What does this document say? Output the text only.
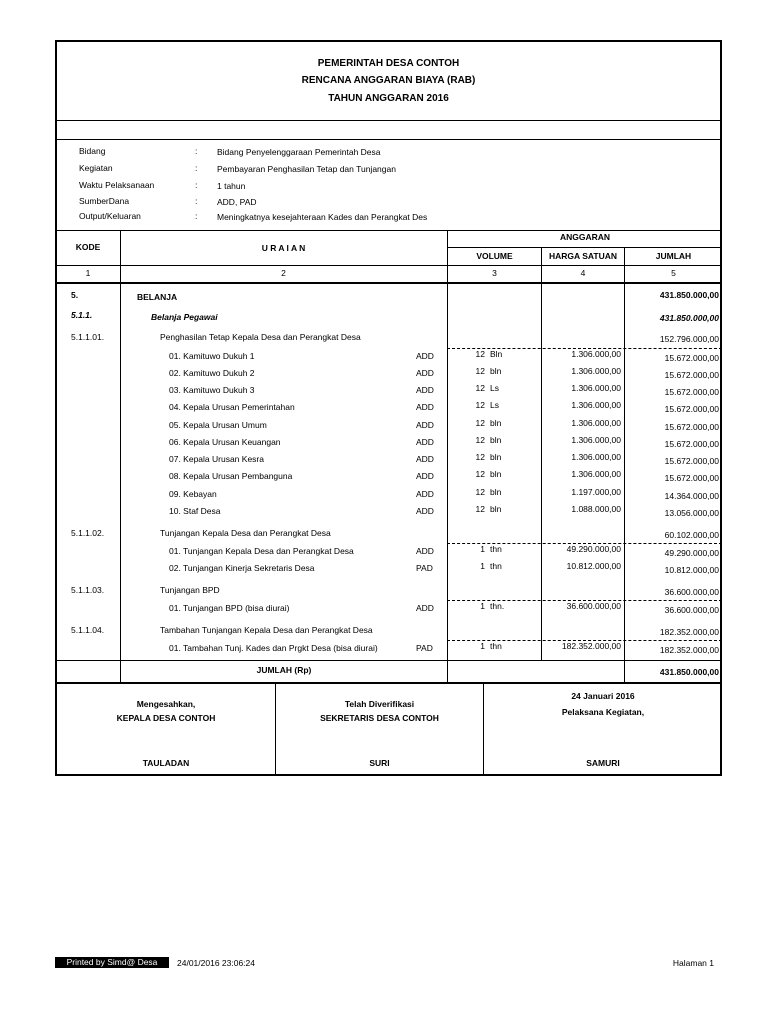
PEMERINTAH DESA CONTOH
RENCANA ANGGARAN BIAYA (RAB)
TAHUN ANGGARAN 2016
Bidang	: Bidang Penyelenggaraan Pemerintah Desa
Kegiatan	: Pembayaran Penghasilan Tetap dan Tunjangan
Waktu Pelaksanaan	: 1 tahun
SumberDana	: ADD, PAD
Output/Keluaran	: Meningkatnya kesejahteraan Kades dan Perangkat Des
KODE	U R A I A N
ANGGARAN
VOLUME	HARGA SATUAN	JUMLAH
1	2	3	4	5
5.	BELANJA	431.850.000,00
5.1.1.	Belanja Pegawai	431.850.000,00
5.1.1.01.	Penghasilan Tetap Kepala Desa dan Perangkat Desa	152.796.000,00
01. Kamituwo Dukuh 1	ADD	12 Bln	1.306.000,00	15.672.000,00
02. Kamituwo Dukuh 2	ADD	12 bln	1.306.000,00	15.672.000,00
03. Kamituwo Dukuh 3	ADD	12 Ls	1.306.000,00	15.672.000,00
04. Kepala Urusan Pemerintahan	ADD	12 Ls	1.306.000,00	15.672.000,00
05. Kepala Urusan Umum	ADD	12 bln	1.306.000,00	15.672.000,00
06. Kepala Urusan Keuangan	ADD	12 bln	1.306.000,00	15.672.000,00
07. Kepala Urusan Kesra	ADD	12 bln	1.306.000,00	15.672.000,00
08. Kepala Urusan Pembanguna	ADD	12 bln	1.306.000,00	15.672.000,00
09. Kebayan	ADD	12 bln	1.197.000,00	14.364.000,00
10. Staf Desa	ADD	12 bln	1.088.000,00	13.056.000,00
5.1.1.02.	Tunjangan Kepala Desa dan Perangkat Desa	60.102.000,00
01. Tunjangan Kepala Desa dan Perangkat Desa	ADD	1 thn	49.290.000,00	49.290.000,00
02. Tunjangan Kinerja Sekretaris Desa	PAD	1 thn	10.812.000,00	10.812.000,00
5.1.1.03.	Tunjangan BPD	36.600.000,00
01. Tunjangan BPD (bisa diurai)	ADD	1 thn.	36.600.000,00	36.600.000,00
5.1.1.04.	Tambahan Tunjangan Kepala Desa dan Perangkat Desa	182.352.000,00
01. Tambahan Tunj. Kades dan Prgkt Desa (bisa diurai)	PAD	1 thn	182.352.000,00	182.352.000,00
JUMLAH (Rp)	431.850.000,00
Mengesahkan,
KEPALA DESA CONTOH
TAULADAN
Telah Diverifikasi
SEKRETARIS DESA CONTOH
SURI
24 Januari 2016
Pelaksana Kegiatan,
SAMURI
Printed by Simd@ Desa	24/01/2016 23:06:24	Halaman 1
